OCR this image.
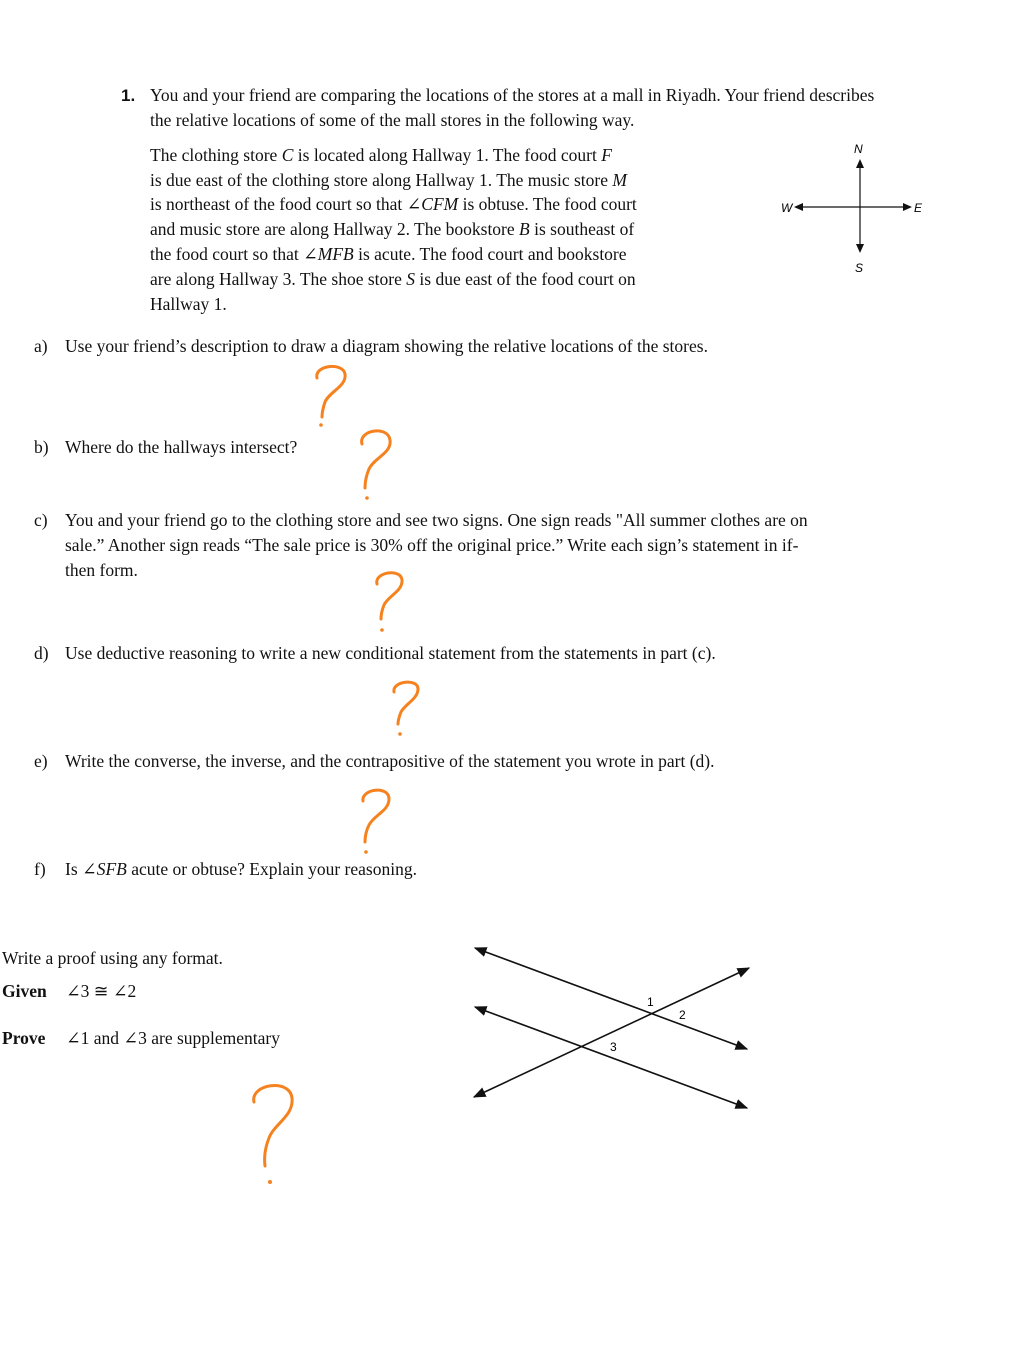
1. You and your friend are comparing the locations of the stores at a mall in Riyadh. Your friend describes
the relative locations of some of the mall stores in the following way.
The clothing store C is located along Hallway 1. The food court F
is due east of the clothing store along Hallway 1. The music store M
is northeast of the food court so that ∠CFM is obtuse. The food court
and music store are along Hallway 2. The bookstore B is southeast of
the food court so that ∠MFB is acute. The food court and bookstore
are along Hallway 3. The shoe store S is due east of the food court on
Hallway 1.
N
S
E
W
a) Use your friend’s description to draw a diagram showing the relative locations of the stores.
b) Where do the hallways intersect?
c) You and your friend go to the clothing store and see two signs. One sign reads "All summer clothes are on
sale.” Another sign reads “The sale price is 30% off the original price.” Write each sign’s statement in if-
then form.
d) Use deductive reasoning to write a new conditional statement from the statements in part (c).
e) Write the converse, the inverse, and the contrapositive of the statement you wrote in part (d).
f) Is ∠SFB acute or obtuse? Explain your reasoning.
Write a proof using any format.
Given ∠3 ≅ ∠2
Prove ∠1 and ∠3 are supplementary
1
2
3
